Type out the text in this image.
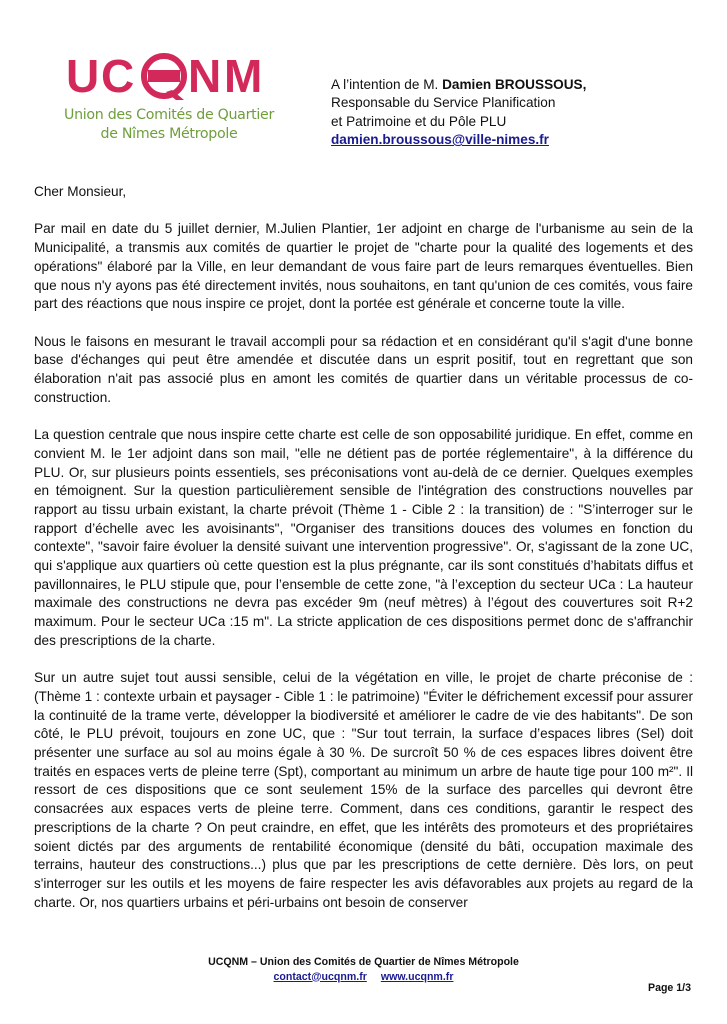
U C
Q	N M
Union des Comités de Quartier
de Nîmes Métropole
A l’intention de M. Damien BROUSSOUS,
Responsable du Service Planification
et Patrimoine et du Pôle PLU
damien.broussous@ville-nimes.fr

Cher Monsieur,

Par mail en date du 5 juillet dernier, M.Julien Plantier, 1er adjoint en charge de l'urbanisme au sein de la Municipalité, a transmis aux comités de quartier le projet de "charte pour la qualité des logements et des opérations" élaboré par la Ville, en leur demandant de vous faire part de leurs remarques éventuelles. Bien que nous n'y ayons pas été directement invités, nous souhaitons, en tant qu'union de ces comités, vous faire part des réactions que nous inspire ce projet, dont la portée est générale et concerne toute la ville.

Nous le faisons en mesurant le travail accompli pour sa rédaction et en considérant qu'il s'agit d'une bonne base d'échanges qui peut être amendée et discutée dans un esprit positif, tout en regrettant que son élaboration n'ait pas associé plus en amont les comités de quartier dans un véritable processus de co-construction.

La question centrale que nous inspire cette charte est celle de son opposabilité juridique. En effet, comme en convient M. le 1er adjoint dans son mail, "elle ne détient pas de portée réglementaire", à la différence du PLU. Or, sur plusieurs points essentiels, ses préconisations vont au-delà de ce dernier. Quelques exemples en témoignent. Sur la question particulièrement sensible de l'intégration des constructions nouvelles par rapport au tissu urbain existant, la charte prévoit (Thème 1 - Cible 2 : la transition) de : "S’interroger sur le rapport d’échelle avec les avoisinants", "Organiser des transitions douces des volumes en fonction du contexte", "savoir faire évoluer la densité suivant une intervention progressive". Or, s'agissant de la zone UC, qui s'applique aux quartiers où cette question est la plus prégnante, car ils sont constitués d’habitats diffus et pavillonnaires, le PLU stipule que, pour l’ensemble de cette zone, "à l’exception du secteur UCa : La hauteur maximale des constructions ne devra pas excéder 9m (neuf mètres) à l’égout des couvertures soit R+2 maximum. Pour le secteur UCa :15 m". La stricte application de ces dispositions permet donc de s'affranchir des prescriptions de la charte.

Sur un autre sujet tout aussi sensible, celui de la végétation en ville, le projet de charte préconise de : (Thème 1 : contexte urbain et paysager - Cible 1 : le patrimoine) "Éviter le défrichement excessif pour assurer la continuité de la trame verte, développer la biodiversité et améliorer le cadre de vie des habitants". De son côté, le PLU prévoit, toujours en zone UC, que : "Sur tout terrain, la surface d’espaces libres (Sel) doit présenter une surface au sol au moins égale à 30 %. De surcroît 50 % de ces espaces libres doivent être traités en espaces verts de pleine terre (Spt), comportant au minimum un arbre de haute tige pour 100 m²". Il ressort de ces dispositions que ce sont seulement 15% de la surface des parcelles qui devront être consacrées aux espaces verts de pleine terre. Comment, dans ces conditions, garantir le respect des prescriptions de la charte ? On peut craindre, en effet, que les intérêts des promoteurs et des propriétaires soient dictés par des arguments de rentabilité économique (densité du bâti, occupation maximale des terrains, hauteur des constructions...) plus que par les prescriptions de cette dernière. Dès lors, on peut s'interroger sur les outils et les moyens de faire respecter les avis défavorables aux projets au regard de la charte. Or, nos quartiers urbains et péri-urbains ont besoin de conserver

UCQNM – Union des Comités de Quartier de Nîmes Métropole
contact@ucqnm.fr www.ucqnm.fr
Page 1/3
